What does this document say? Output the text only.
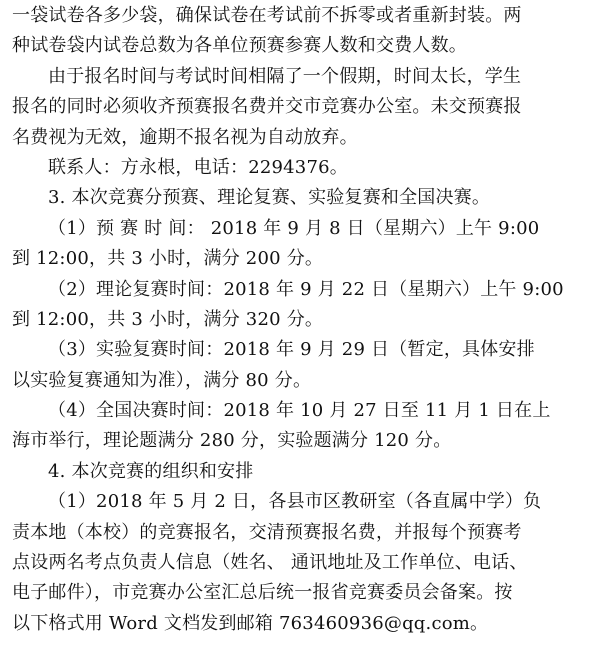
一袋试卷各多少袋，确保试卷在考试前不拆零或者重新封装。两
种试卷袋内试卷总数为各单位预赛参赛人数和交费人数。
由于报名时间与考试时间相隔了一个假期，时间太长，学生
报名的同时必须收齐预赛报名费并交市竞赛办公室。未交预赛报
名费视为无效，逾期不报名视为自动放弃。
联系人：方永根，电话：2294376。
3. 本次竞赛分预赛、理论复赛、实验复赛和全国决赛。
（1）预 赛 时 间： 2018 年 9 月 8 日（星期六）上午 9:00
到 12:00，共 3 小时，满分 200 分。
（2）理论复赛时间：2018 年 9 月 22 日（星期六）上午 9:00
到 12:00，共 3 小时，满分 320 分。
（3）实验复赛时间：2018 年 9 月 29 日（暂定，具体安排
以实验复赛通知为准），满分 80 分。
（4）全国决赛时间：2018 年 10 月 27 日至 11 月 1 日在上
海市举行，理论题满分 280 分，实验题满分 120 分。
4. 本次竞赛的组织和安排
（1）2018 年 5 月 2 日，各县市区教研室（各直属中学）负
责本地（本校）的竞赛报名，交清预赛报名费，并报每个预赛考
点设两名考点负责人信息（姓名、 通讯地址及工作单位、电话、
电子邮件），市竞赛办公室汇总后统一报省竞赛委员会备案。按
以下格式用 Word 文档发到邮箱 763460936@qq.com。
